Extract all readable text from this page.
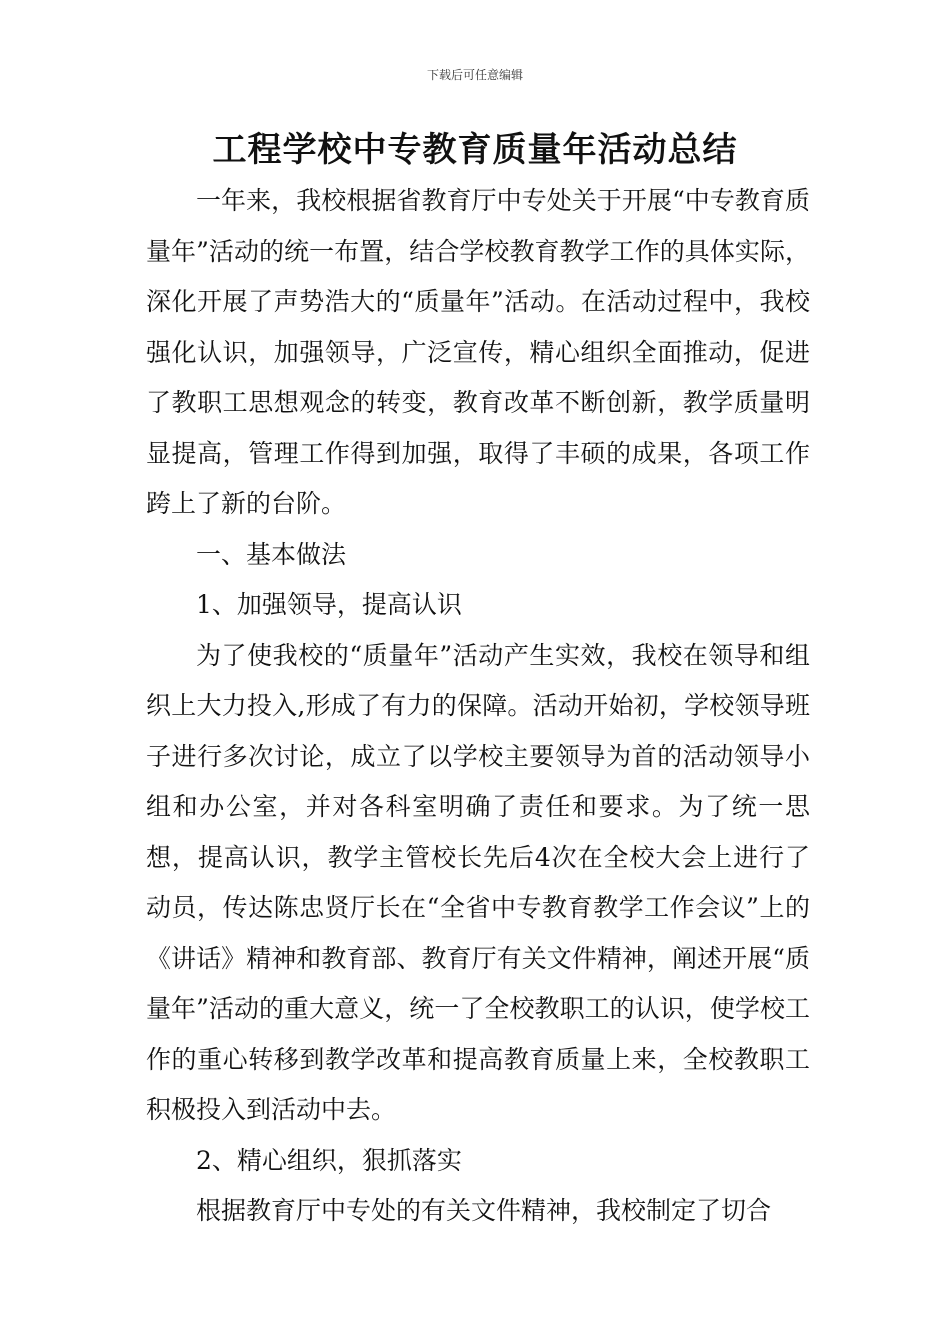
下载后可任意编辑
工程学校中专教育质量年活动总结

一年来，我校根据省教育厅中专处关于开展“中专教育质量年”活动的统一布置，结合学校教育教学工作的具体实际，深化开展了声势浩大的“质量年”活动。在活动过程中，我校强化认识，加强领导，广泛宣传，精心组织全面推动，促进了教职工思想观念的转变，教育改革不断创新，教学质量明显提高，管理工作得到加强，取得了丰硕的成果，各项工作跨上了新的台阶。

一、基本做法

1、加强领导，提高认识

为了使我校的“质量年”活动产生实效，我校在领导和组织上大力投入,形成了有力的保障。活动开始初，学校领导班子进行多次讨论，成立了以学校主要领导为首的活动领导小组和办公室，并对各科室明确了责任和要求。为了统一思想，提高认识，教学主管校长先后4次在全校大会上进行了动员，传达陈忠贤厅长在“全省中专教育教学工作会议”上的《讲话》精神和教育部、教育厅有关文件精神，阐述开展“质量年”活动的重大意义，统一了全校教职工的认识，使学校工作的重心转移到教学改革和提高教育质量上来，全校教职工积极投入到活动中去。

2、精心组织，狠抓落实

根据教育厅中专处的有关文件精神，我校制定了切合
